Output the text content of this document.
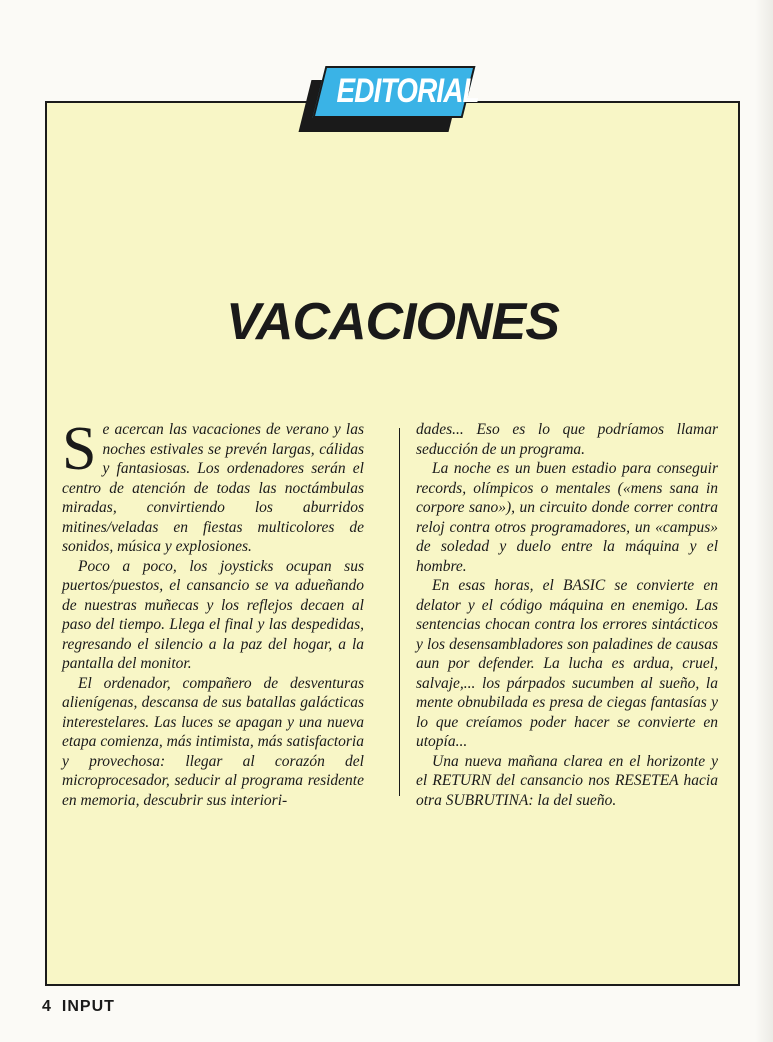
EDITORIAL
VACACIONES

Se acercan las vacaciones de verano y las noches estivales se prevén largas, cálidas y fantasiosas. Los ordenadores serán el centro de atención de todas las noctámbulas miradas, convirtiendo los aburridos mitines/veladas en fiestas multicolores de sonidos, música y explosiones.

Poco a poco, los joysticks ocupan sus puertos/puestos, el cansancio se va adueñando de nuestras muñecas y los reflejos decaen al paso del tiempo. Llega el final y las despedidas, regresando el silencio a la paz del hogar, a la pantalla del monitor.

El ordenador, compañero de desventuras alienígenas, descansa de sus batallas galácticas interestelares. Las luces se apagan y una nueva etapa comienza, más intimista, más satisfactoria y provechosa: llegar al corazón del microprocesador, seducir al programa residente en memoria, descubrir sus interiori-

dades... Eso es lo que podríamos llamar seducción de un programa.

La noche es un buen estadio para conseguir records, olímpicos o mentales («mens sana in corpore sano»), un circuito donde correr contra reloj contra otros programadores, un «campus» de soledad y duelo entre la máquina y el hombre.

En esas horas, el BASIC se convierte en delator y el código máquina en enemigo. Las sentencias chocan contra los errores sintácticos y los desensambladores son paladines de causas aun por defender. La lucha es ardua, cruel, salvaje,... los párpados sucumben al sueño, la mente obnubilada es presa de ciegas fantasías y lo que creíamos poder hacer se convierte en utopía...

Una nueva mañana clarea en el horizonte y el RETURN del cansancio nos RESETEA hacia otra SUBRUTINA: la del sueño.

4 INPUT
